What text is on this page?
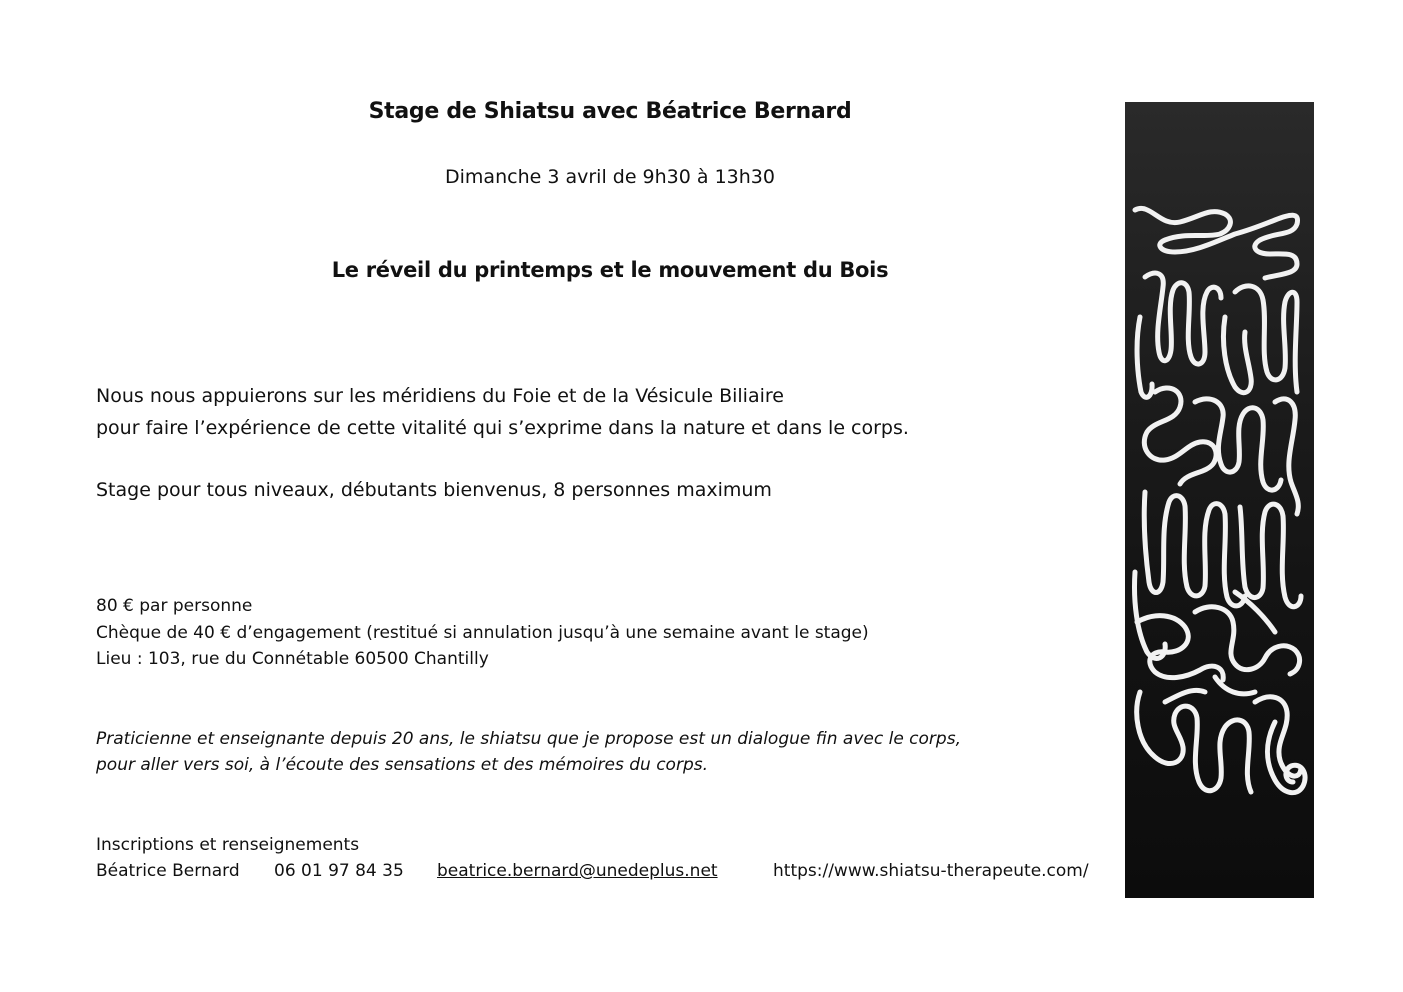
Stage de Shiatsu avec Béatrice Bernard
Dimanche 3 avril de 9h30 à 13h30
Le réveil du printemps et le mouvement du Bois
Nous nous appuierons sur les méridiens du Foie et de la Vésicule Biliaire
pour faire l’expérience de cette vitalité qui s’exprime dans la nature et dans le corps.
Stage pour tous niveaux, débutants bienvenus, 8 personnes maximum
80 € par personne
Chèque de 40 € d’engagement (restitué si annulation jusqu’à une semaine avant le stage)
Lieu : 103, rue du Connétable 60500 Chantilly
Praticienne et enseignante depuis 20 ans, le shiatsu que je propose est un dialogue fin avec le corps,
pour aller vers soi, à l’écoute des sensations et des mémoires du corps.
Inscriptions et renseignements
Béatrice Bernard 06 01 97 84 35 beatrice.bernard@unedeplus.net	https://www.shiatsu-therapeute.com/
